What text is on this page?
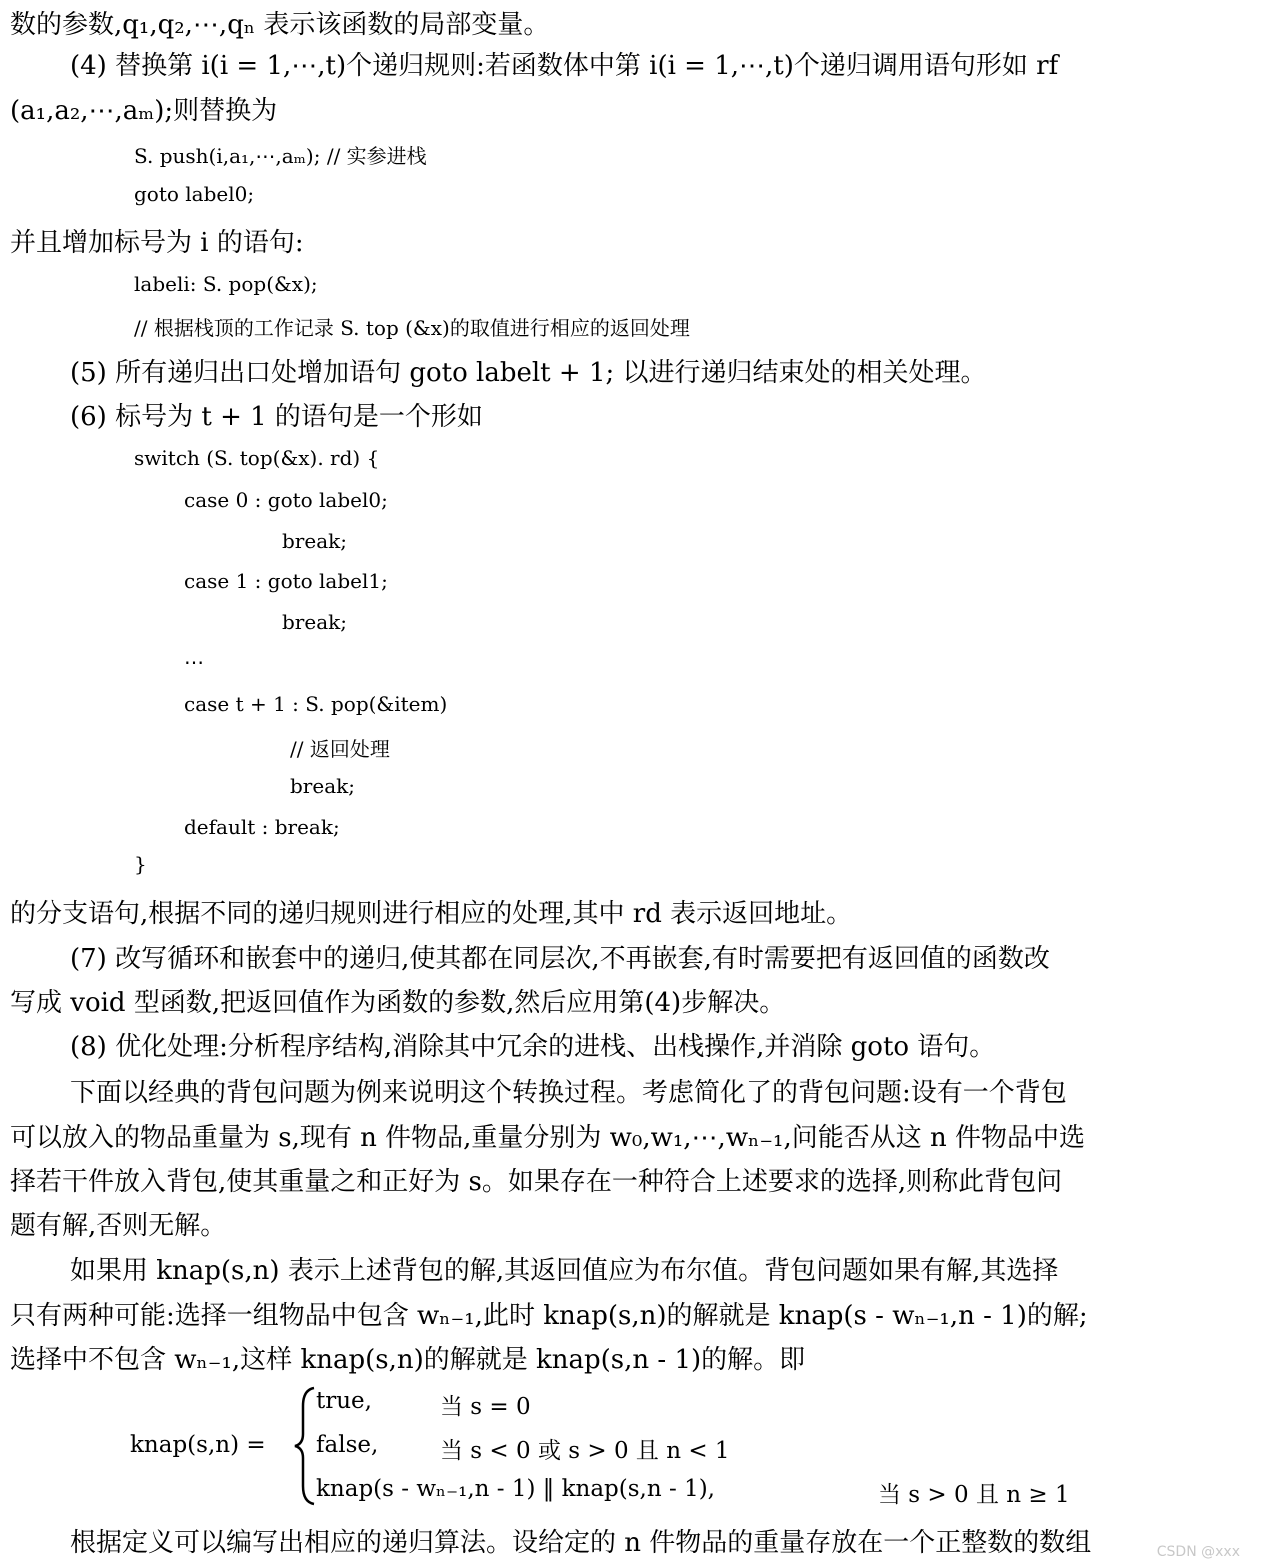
数的参数,q₁,q₂,⋯,qₙ 表示该函数的局部变量。
(4) 替换第 i(i = 1,⋯,t)个递归规则:若函数体中第 i(i = 1,⋯,t)个递归调用语句形如 rf
(a₁,a₂,⋯,aₘ);则替换为
S. push(i,a₁,⋯,aₘ); // 实参进栈
goto label0;
并且增加标号为 i 的语句:
labeli: S. pop(&x);
// 根据栈顶的工作记录 S. top (&x)的取值进行相应的返回处理
(5) 所有递归出口处增加语句 goto labelt + 1; 以进行递归结束处的相关处理。
(6) 标号为 t + 1 的语句是一个形如
switch (S. top(&x). rd) {
case 0 : goto label0;
break;
case 1 : goto label1;
break;
⋯
case t + 1 : S. pop(&item)
// 返回处理
break;
default : break;
}
的分支语句,根据不同的递归规则进行相应的处理,其中 rd 表示返回地址。
(7) 改写循环和嵌套中的递归,使其都在同层次,不再嵌套,有时需要把有返回值的函数改
写成 void 型函数,把返回值作为函数的参数,然后应用第(4)步解决。
(8) 优化处理:分析程序结构,消除其中冗余的进栈、出栈操作,并消除 goto 语句。
下面以经典的背包问题为例来说明这个转换过程。考虑简化了的背包问题:设有一个背包
可以放入的物品重量为 s,现有 n 件物品,重量分别为 w₀,w₁,⋯,wₙ₋₁,问能否从这 n 件物品中选
择若干件放入背包,使其重量之和正好为 s。如果存在一种符合上述要求的选择,则称此背包问
题有解,否则无解。
如果用 knap(s,n) 表示上述背包的解,其返回值应为布尔值。背包问题如果有解,其选择
只有两种可能:选择一组物品中包含 wₙ₋₁,此时 knap(s,n)的解就是 knap(s - wₙ₋₁,n - 1)的解;
选择中不包含 wₙ₋₁,这样 knap(s,n)的解就是 knap(s,n - 1)的解。即
knap(s,n) =
true,	当 s = 0
false,	当 s < 0 或 s > 0 且 n < 1
knap(s - wₙ₋₁,n - 1) ‖ knap(s,n - 1),	当 s > 0 且 n ≥ 1
根据定义可以编写出相应的递归算法。设给定的 n 件物品的重量存放在一个正整数的数组	CSDN @xxx
